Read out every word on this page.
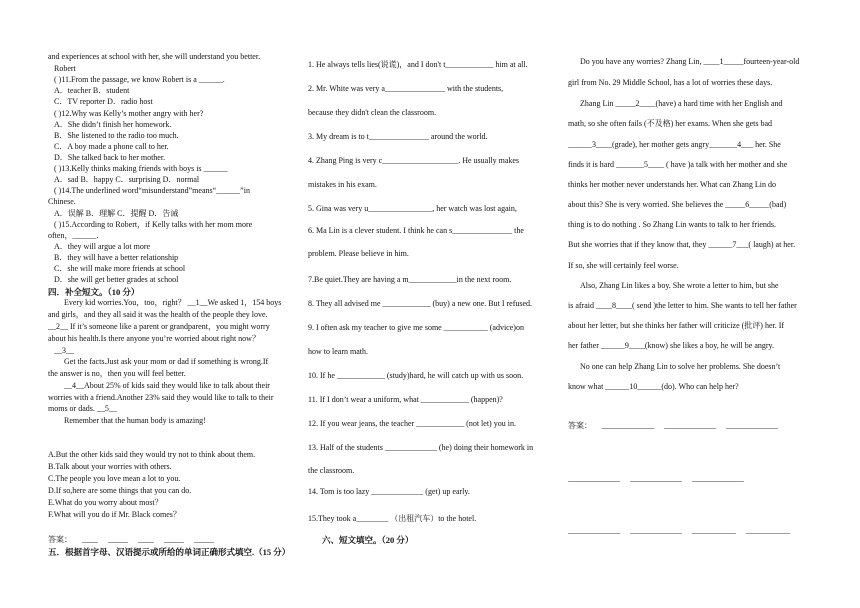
and experiences at school with her, she will understand you better.
Robert
( )11.From the passage, we know Robert is a ______.
A．teacher B．student
C．TV reporter D．radio host
( )12.Why was Kelly’s mother angry with her?
A．She didn’t finish her homework.
B．She listened to the radio too much.
C．A boy made a phone call to her.
D．She talked back to her mother.
( )13.Kelly thinks making friends with boys is ______
A．sad B．happy C．surprising D．normal
( )14.The underlined word“misunderstand”means“______”in
Chinese.
A．误解 B．理解 C．提醒 D．告诫
( )15.According to Robert，if Kelly talks with her mom more
often，______.
A．they will argue a lot more
B．they will have a better relationship
C．she will make more friends at school
D．she will get better grades at school
四．补全短文。（10 分）
Every kid worries.You，too，right？ __1__We asked 1，154 boys
and girls，and they all said it was the health of the people they love.
__2__ If it’s someone like a parent or grandparent，you might worry
about his health.Is there anyone you’re worried about right now？
__3__
Get the facts.Just ask your mom or dad if something is wrong.If
the answer is no，then you will feel better.
__4__About 25% of kids said they would like to talk about their
worries with a friend.Another 23% said they would like to talk to their
moms or dads. __5__
Remember that the human body is amazing!
A.But the other kids said they would try not to think about them.
B.Talk about your worries with others.
C.The people you love mean a lot to you.
D.If so,here are some things that you can do.
E.What do you worry about most？
F.What will you do if Mr. Black comes？
答案： ____ _____ ____ _____ _____
五．根据首字母、汉语提示或所给的单词正确形式填空.（15 分）
1. He always tells lies(说谎)，and I don't t____________ him at all.
2. Mr. White was very a_______________ with the students,
because they didn't clean the classroom.
3. My dream is to t_______________ around the world.
4. Zhang Ping is very c___________________. He usually makes
mistakes in his exam.
5. Gina was very u________________, her watch was lost again,
6. Ma Lin is a clever student. I think he can s_______________ the
problem. Please believe in him.
7.Be quiet.They are having a m____________in the next room.
8. They all advised me ____________ (buy) a new one. But I refused.
9. I often ask my teacher to give me some ___________ (advice)on
how to learn math.
10. If he ____________ (study)hard, he will catch up with us soon.
11. If I don’t wear a uniform, what ____________ (happen)?
12. If you wear jeans, the teacher ____________ (not let) you in.
13. Half of the students _____________ (he) doing their homework in
the classroom.
14. Tom is too lazy _____________ (get) up early.
15.They took a________ （出租汽车）to the hotel.
六、短文填空。（20 分）
Do you have any worries? Zhang Lin, ____1_____fourteen-year-old
girl from No. 29 Middle School, has a lot of worries these days.
Zhang Lin _____2____(have) a hard time with her English and
math, so she often fails (不及格) her exams. When she gets bad
______3____(grade), her mother gets angry_______4___ her. She
finds it is hard _______5____ ( have )a talk with her mother and she
thinks her mother never understands her. What can Zhang Lin do
about this? She is very worried. She believes the _____6_____(bad)
thing is to do nothing . So Zhang Lin wants to talk to her friends.
But she worries that if they know that, they ______7___( laugh) at her.
If so, she will certainly feel worse.
Also, Zhang Lin likes a boy. She wrote a letter to him, but she
is afraid ____8____( send )the letter to him. She wants to tell her father
about her letter, but she thinks her father will criticize (批评) her. If
her father ______9____(know) she likes a boy, he will be angry.
No one can help Zhang Lin to solve her problems. She doesn’t
know what ______10______(do). Who can help her?
答案： _____________ _____________ _____________
_____________ _____________ _____________
_____________ _____________ ___________ ___________
